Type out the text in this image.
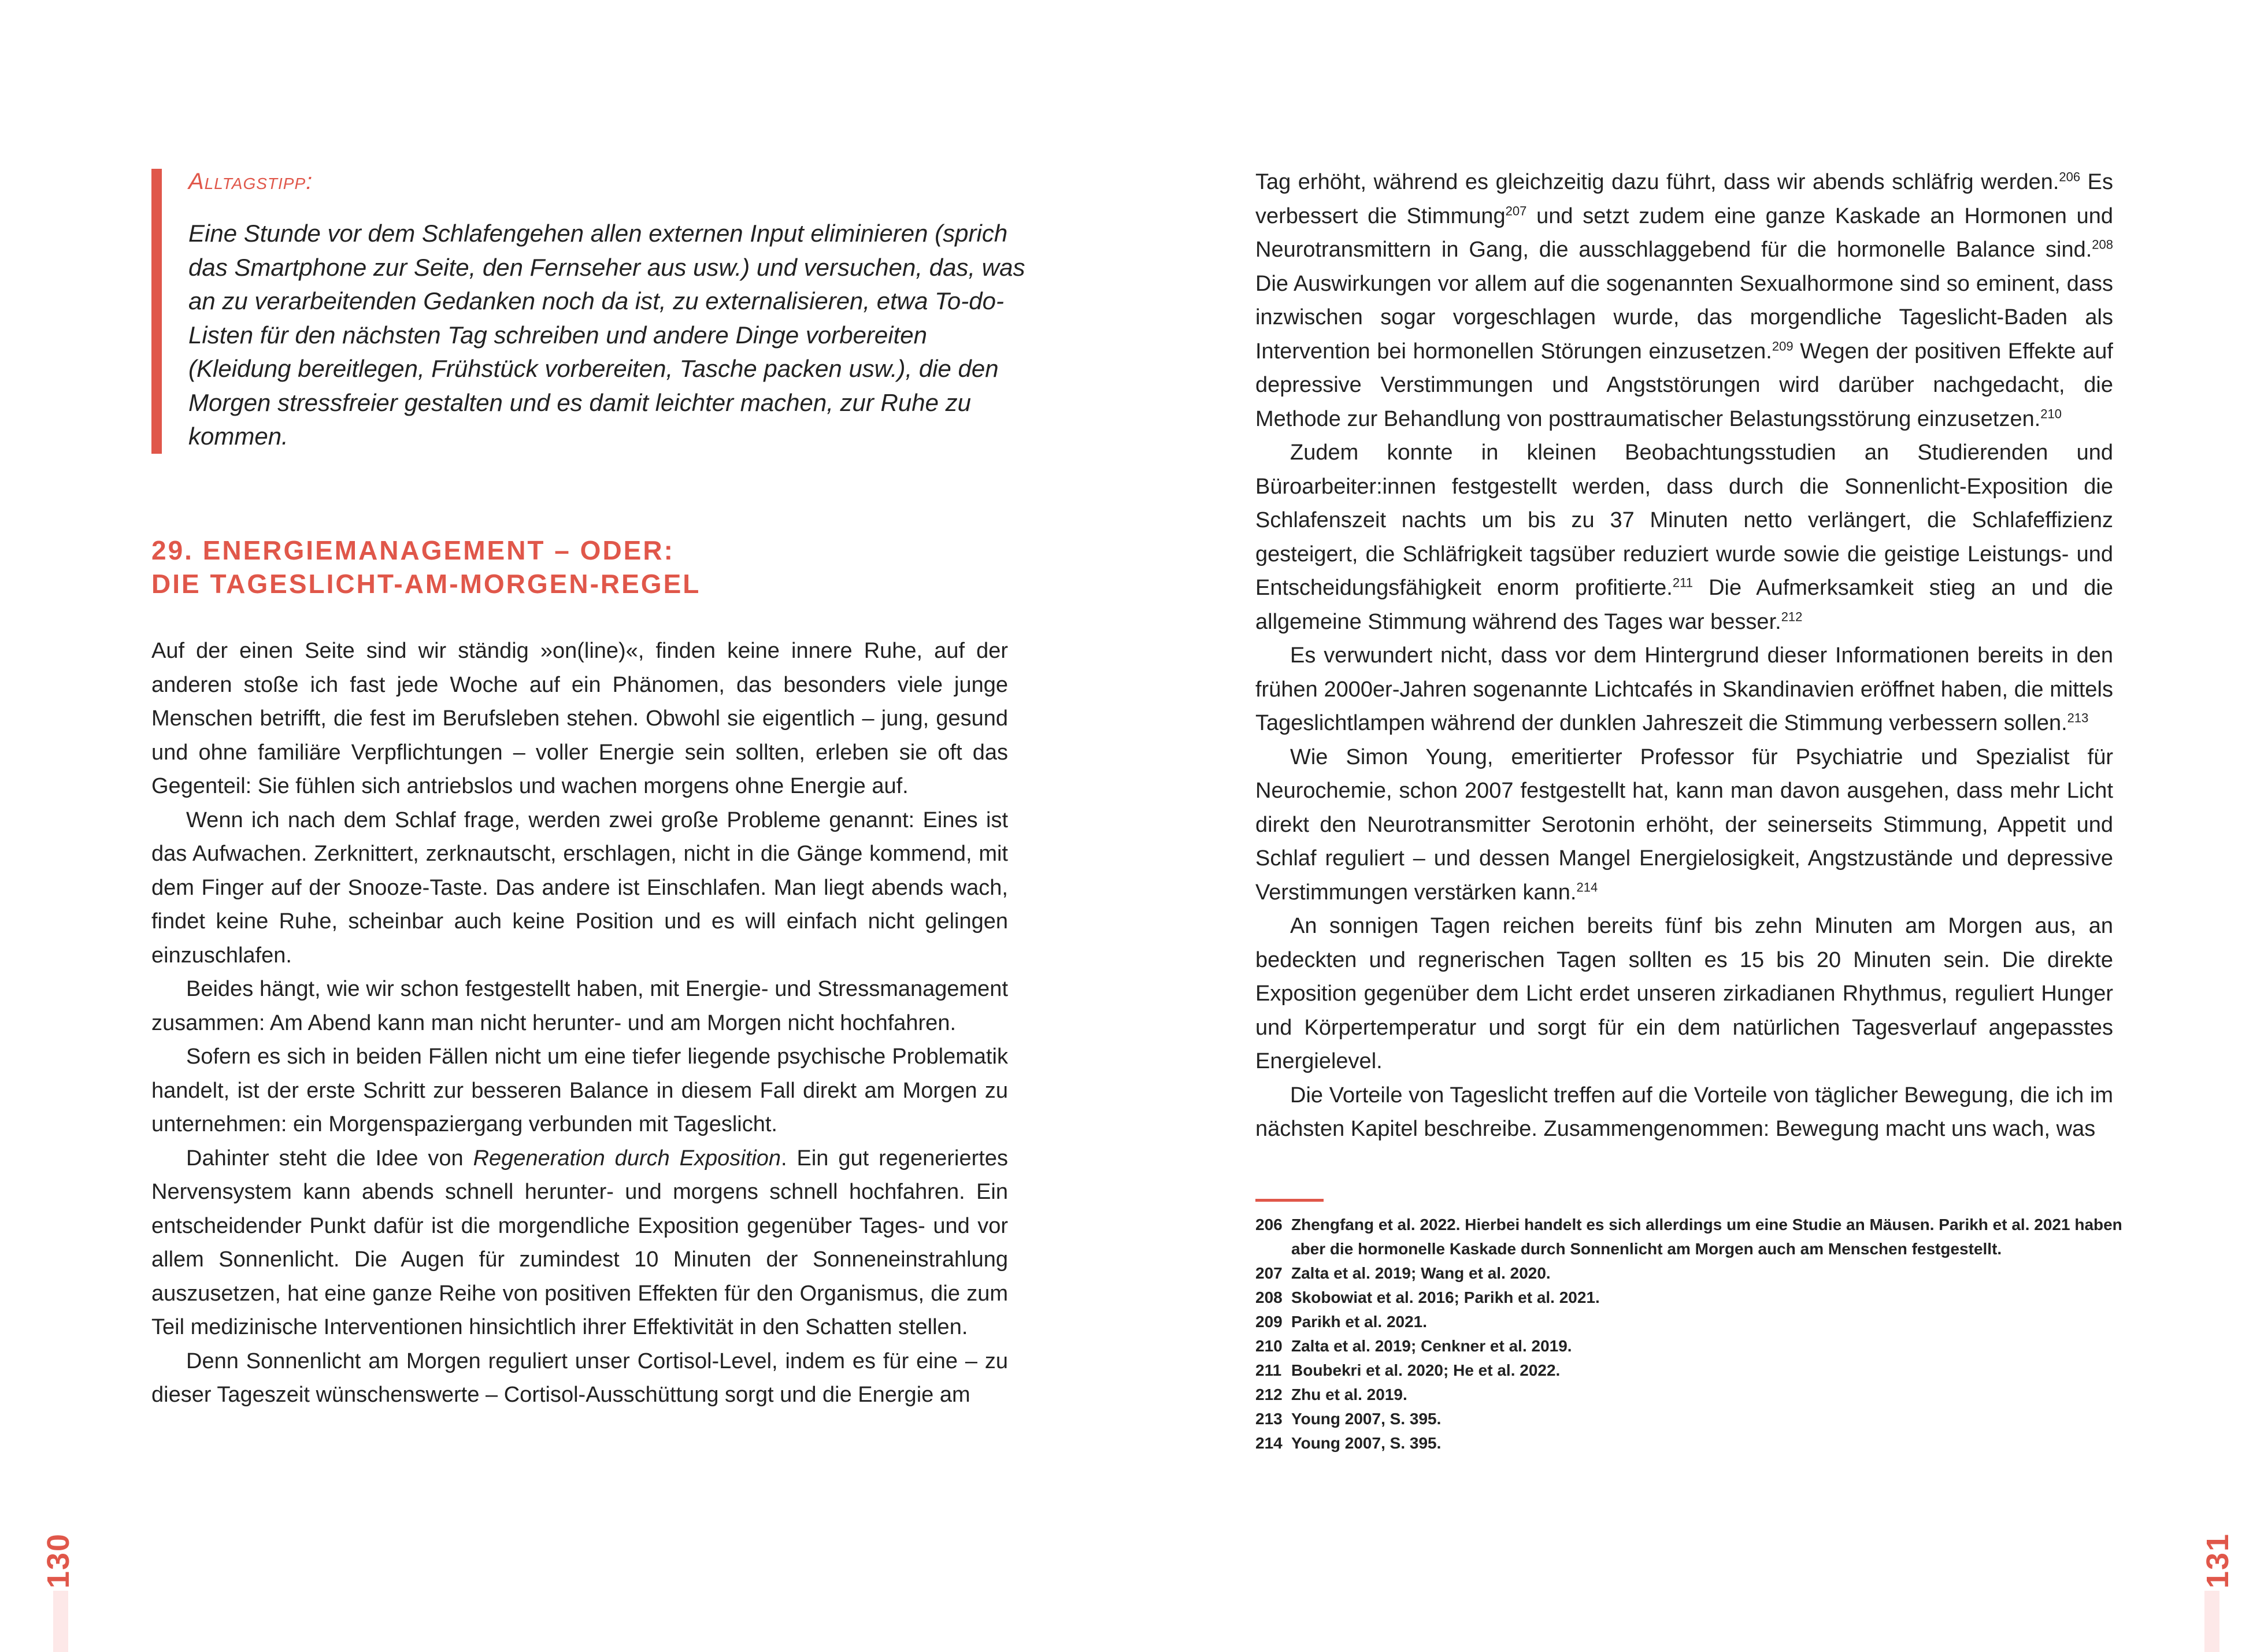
Alltagstipp:

Eine Stunde vor dem Schlafengehen allen externen Input eliminieren (sprich das Smartphone zur Seite, den Fernseher aus usw.) und versuchen, das, was an zu verarbeitenden Gedanken noch da ist, zu externalisieren, etwa To-do-Listen für den nächsten Tag schreiben und andere Dinge vorbereiten (Kleidung bereitlegen, Frühstück vorbereiten, Tasche packen usw.), die den Morgen stressfreier gestalten und es damit leichter machen, zur Ruhe zu kommen.

29. ENERGIEMANAGEMENT – ODER:
DIE TAGESLICHT-AM-MORGEN-REGEL

Auf der einen Seite sind wir ständig »on(line)«, finden keine innere Ruhe, auf der anderen stoße ich fast jede Woche auf ein Phänomen, das besonders viele junge Menschen betrifft, die fest im Berufsleben stehen. Obwohl sie eigentlich – jung, gesund und ohne familiäre Verpflichtungen – voller Energie sein sollten, erleben sie oft das Gegenteil: Sie fühlen sich antriebslos und wachen morgens ohne Energie auf.

Wenn ich nach dem Schlaf frage, werden zwei große Probleme genannt: Eines ist das Aufwachen. Zerknittert, zerknautscht, erschlagen, nicht in die Gänge kommend, mit dem Finger auf der Snooze-Taste. Das andere ist Einschlafen. Man liegt abends wach, findet keine Ruhe, scheinbar auch keine Position und es will einfach nicht gelingen einzuschlafen.

Beides hängt, wie wir schon festgestellt haben, mit Energie- und Stressmanagement zusammen: Am Abend kann man nicht herunter- und am Morgen nicht hochfahren.

Sofern es sich in beiden Fällen nicht um eine tiefer liegende psychische Problematik handelt, ist der erste Schritt zur besseren Balance in diesem Fall direkt am Morgen zu unternehmen: ein Morgenspaziergang verbunden mit Tageslicht.

Dahinter steht die Idee von Regeneration durch Exposition. Ein gut regeneriertes Nervensystem kann abends schnell herunter- und morgens schnell hochfahren. Ein entscheidender Punkt dafür ist die morgendliche Exposition gegenüber Tages- und vor allem Sonnenlicht. Die Augen für zumindest 10 Minuten der Sonneneinstrahlung auszusetzen, hat eine ganze Reihe von positiven Effekten für den Organismus, die zum Teil medizinische Interventionen hinsichtlich ihrer Effektivität in den Schatten stellen.

Denn Sonnenlicht am Morgen reguliert unser Cortisol-Level, indem es für eine – zu dieser Tageszeit wünschenswerte – Cortisol-Ausschüttung sorgt und die Energie am

130

Tag erhöht, während es gleichzeitig dazu führt, dass wir abends schläfrig werden.$^{206}$ Es verbessert die Stimmung$^{207}$ und setzt zudem eine ganze Kaskade an Hormonen und Neurotransmittern in Gang, die ausschlaggebend für die hormonelle Balance sind.$^{208}$ Die Auswirkungen vor allem auf die sogenannten Sexualhormone sind so eminent, dass inzwischen sogar vorgeschlagen wurde, das morgendliche Tageslicht-Baden als Intervention bei hormonellen Störungen einzusetzen.$^{209}$ Wegen der positiven Effekte auf depressive Verstimmungen und Angststörungen wird darüber nachgedacht, die Methode zur Behandlung von posttraumatischer Belastungsstörung einzusetzen.$^{210}$

Zudem konnte in kleinen Beobachtungsstudien an Studierenden und Büroarbeiter:innen festgestellt werden, dass durch die Sonnenlicht-Exposition die Schlafenszeit nachts um bis zu 37 Minuten netto verlängert, die Schlafeffizienz gesteigert, die Schläfrigkeit tagsüber reduziert wurde sowie die geistige Leistungs- und Entscheidungsfähigkeit enorm profitierte.$^{211}$ Die Aufmerksamkeit stieg an und die allgemeine Stimmung während des Tages war besser.$^{212}$

Es verwundert nicht, dass vor dem Hintergrund dieser Informationen bereits in den frühen 2000er-Jahren sogenannte Lichtcafés in Skandinavien eröffnet haben, die mittels Tageslichtlampen während der dunklen Jahreszeit die Stimmung verbessern sollen.$^{213}$

Wie Simon Young, emeritierter Professor für Psychiatrie und Spezialist für Neurochemie, schon 2007 festgestellt hat, kann man davon ausgehen, dass mehr Licht direkt den Neurotransmitter Serotonin erhöht, der seinerseits Stimmung, Appetit und Schlaf reguliert – und dessen Mangel Energielosigkeit, Angstzustände und depressive Verstimmungen verstärken kann.$^{214}$

An sonnigen Tagen reichen bereits fünf bis zehn Minuten am Morgen aus, an bedeckten und regnerischen Tagen sollten es 15 bis 20 Minuten sein. Die direkte Exposition gegenüber dem Licht erdet unseren zirkadianen Rhythmus, reguliert Hunger und Körpertemperatur und sorgt für ein dem natürlichen Tagesverlauf angepasstes Energielevel.

Die Vorteile von Tageslicht treffen auf die Vorteile von täglicher Bewegung, die ich im nächsten Kapitel beschreibe. Zusammengenommen: Bewegung macht uns wach, was

206 Zhengfang et al. 2022. Hierbei handelt es sich allerdings um eine Studie an Mäusen. Parikh et al. 2021 haben aber die hormonelle Kaskade durch Sonnenlicht am Morgen auch am Menschen festgestellt.

207 Zalta et al. 2019; Wang et al. 2020.

208 Skobowiat et al. 2016; Parikh et al. 2021.

209 Parikh et al. 2021.

210 Zalta et al. 2019; Cenkner et al. 2019.

211 Boubekri et al. 2020; He et al. 2022.

212 Zhu et al. 2019.

213 Young 2007, S. 395.

214 Young 2007, S. 395.

131
